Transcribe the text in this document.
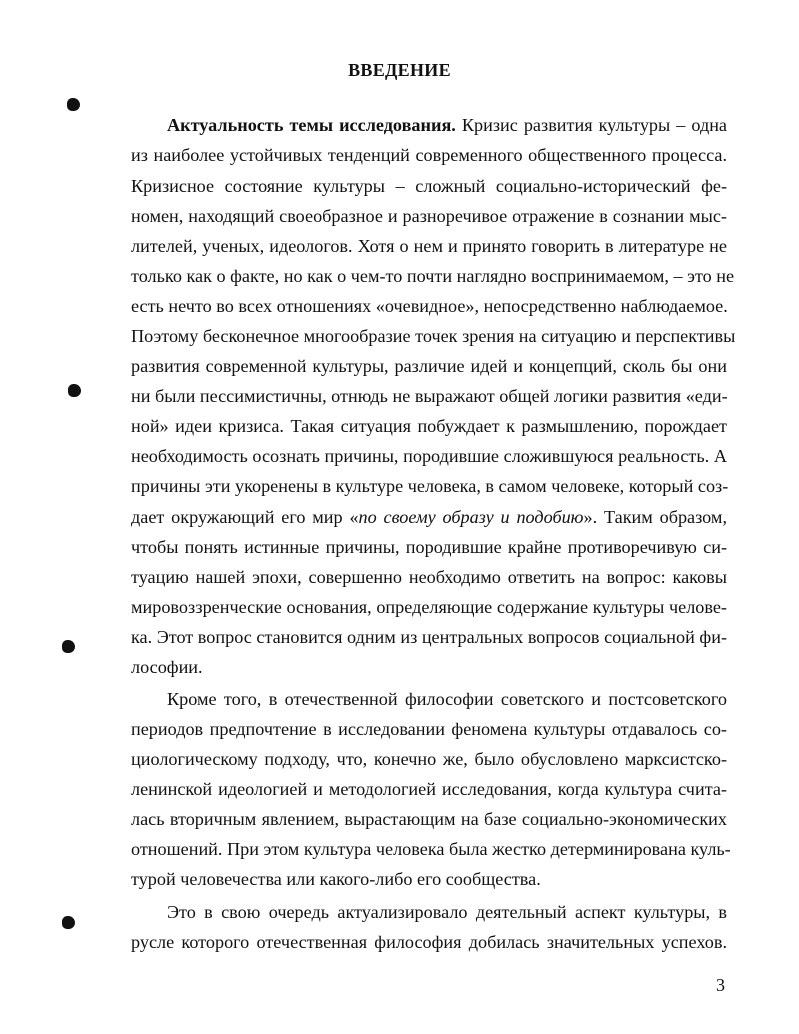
ВВЕДЕНИЕ
Актуальность темы исследования. Кризис развития культуры – одна
из наиболее устойчивых тенденций современного общественного процесса.
Кризисное состояние культуры – сложный социально-исторический фе-
номен, находящий своеобразное и разноречивое отражение в сознании мыс-
лителей, ученых, идеологов. Хотя о нем и принято говорить в литературе не
только как о факте, но как о чем-то почти наглядно воспринимаемом, – это не
есть нечто во всех отношениях «очевидное», непосредственно наблюдаемое.
Поэтому бесконечное многообразие точек зрения на ситуацию и перспективы
развития современной культуры, различие идей и концепций, сколь бы они
ни были пессимистичны, отнюдь не выражают общей логики развития «еди-
ной» идеи кризиса. Такая ситуация побуждает к размышлению, порождает
необходимость осознать причины, породившие сложившуюся реальность. А
причины эти укоренены в культуре человека, в самом человеке, который соз-
дает окружающий его мир «по своему образу и подобию». Таким образом,
чтобы понять истинные причины, породившие крайне противоречивую си-
туацию нашей эпохи, совершенно необходимо ответить на вопрос: каковы
мировоззренческие основания, определяющие содержание культуры челове-
ка. Этот вопрос становится одним из центральных вопросов социальной фи-
лософии.
Кроме того, в отечественной философии советского и постсоветского
периодов предпочтение в исследовании феномена культуры отдавалось со-
циологическому подходу, что, конечно же, было обусловлено марксистско-
ленинской идеологией и методологией исследования, когда культура счита-
лась вторичным явлением, вырастающим на базе социально-экономических
отношений. При этом культура человека была жестко детерминирована куль-
турой человечества или какого-либо его сообщества.
Это в свою очередь актуализировало деятельный аспект культуры, в
русле которого отечественная философия добилась значительных успехов.
3
